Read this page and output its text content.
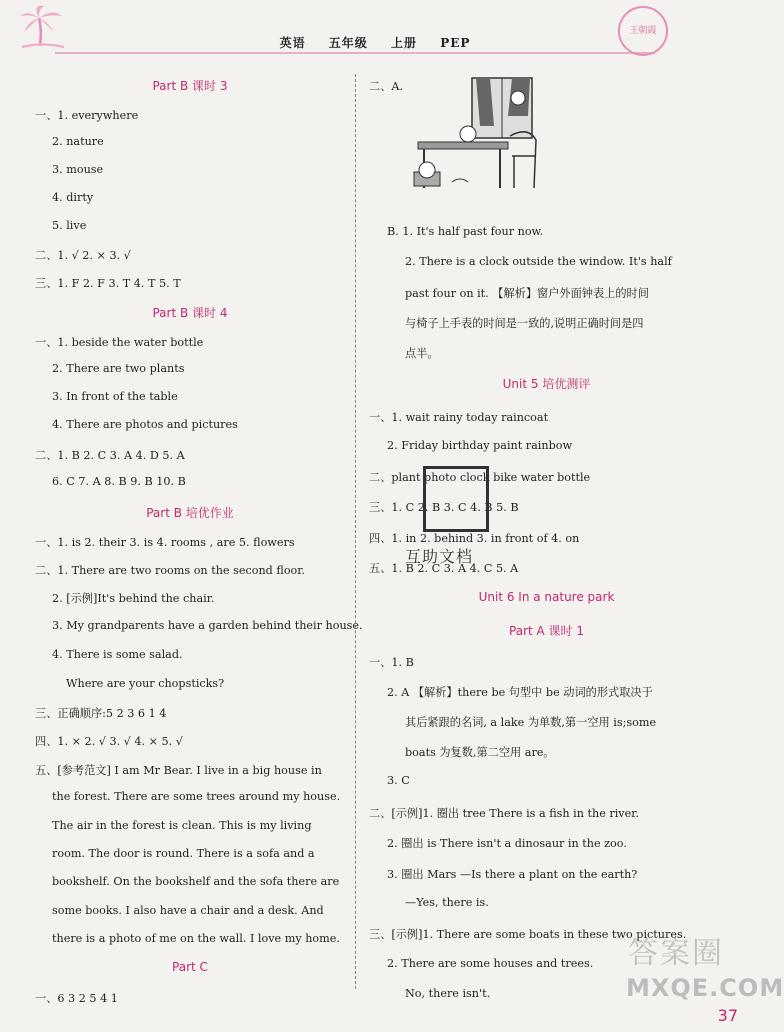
英语 五年级 上册 PEP
王朝霞
Part B 课时 3
一、1. everywhere
2. nature
3. mouse
4. dirty
5. live
二、1. √ 2. × 3. √
三、1. F 2. F 3. T 4. T 5. T
Part B 课时 4
一、1. beside the water bottle
2. There are two plants
3. In front of the table
4. There are photos and pictures
二、1. B 2. C 3. A 4. D 5. A
6. C 7. A 8. B 9. B 10. B
Part B 培优作业
一、1. is 2. their 3. is 4. rooms , are 5. flowers
二、1. There are two rooms on the second floor.
2. [示例]It's behind the chair.
3. My grandparents have a garden behind their house.
4. There is some salad.
Where are your chopsticks?
三、正确顺序:5 2 3 6 1 4
四、1. × 2. √ 3. √ 4. × 5. √
五、[参考范文] I am Mr Bear. I live in a big house in
the forest. There are some trees around my house.
The air in the forest is clean. This is my living
room. The door is round. There is a sofa and a
bookshelf. On the bookshelf and the sofa there are
some books. I also have a chair and a desk. And
there is a photo of me on the wall. I love my home.
Part C
一、6 3 2 5 4 1
二、A.
B. 1. It's half past four now.
2. There is a clock outside the window. It's half
past four on it. 【解析】窗户外面钟表上的时间
与椅子上手表的时间是一致的,说明正确时间是四
点半。
Unit 5 培优测评
一、1. wait rainy today raincoat
2. Friday birthday paint rainbow
二、plant photo clock bike water bottle
三、1. C 2. B 3. C 4. B 5. B
四、1. in 2. behind 3. in front of 4. on
五、1. B 2. C 3. A 4. C 5. A
Unit 6 In a nature park
Part A 课时 1
一、1. B
2. A 【解析】there be 句型中 be 动词的形式取决于
其后紧跟的名词, a lake 为单数,第一空用 is;some
boats 为复数,第二空用 are。
3. C
二、[示例]1. 圈出 tree There is a fish in the river.
2. 圈出 is There isn't a dinosaur in the zoo.
3. 圈出 Mars —Is there a plant on the earth?
—Yes, there is.
三、[示例]1. There are some boats in these two pictures.
2. There are some houses and trees.
No, there isn't.
互助文档
答案圈
MXQE.COM
37
